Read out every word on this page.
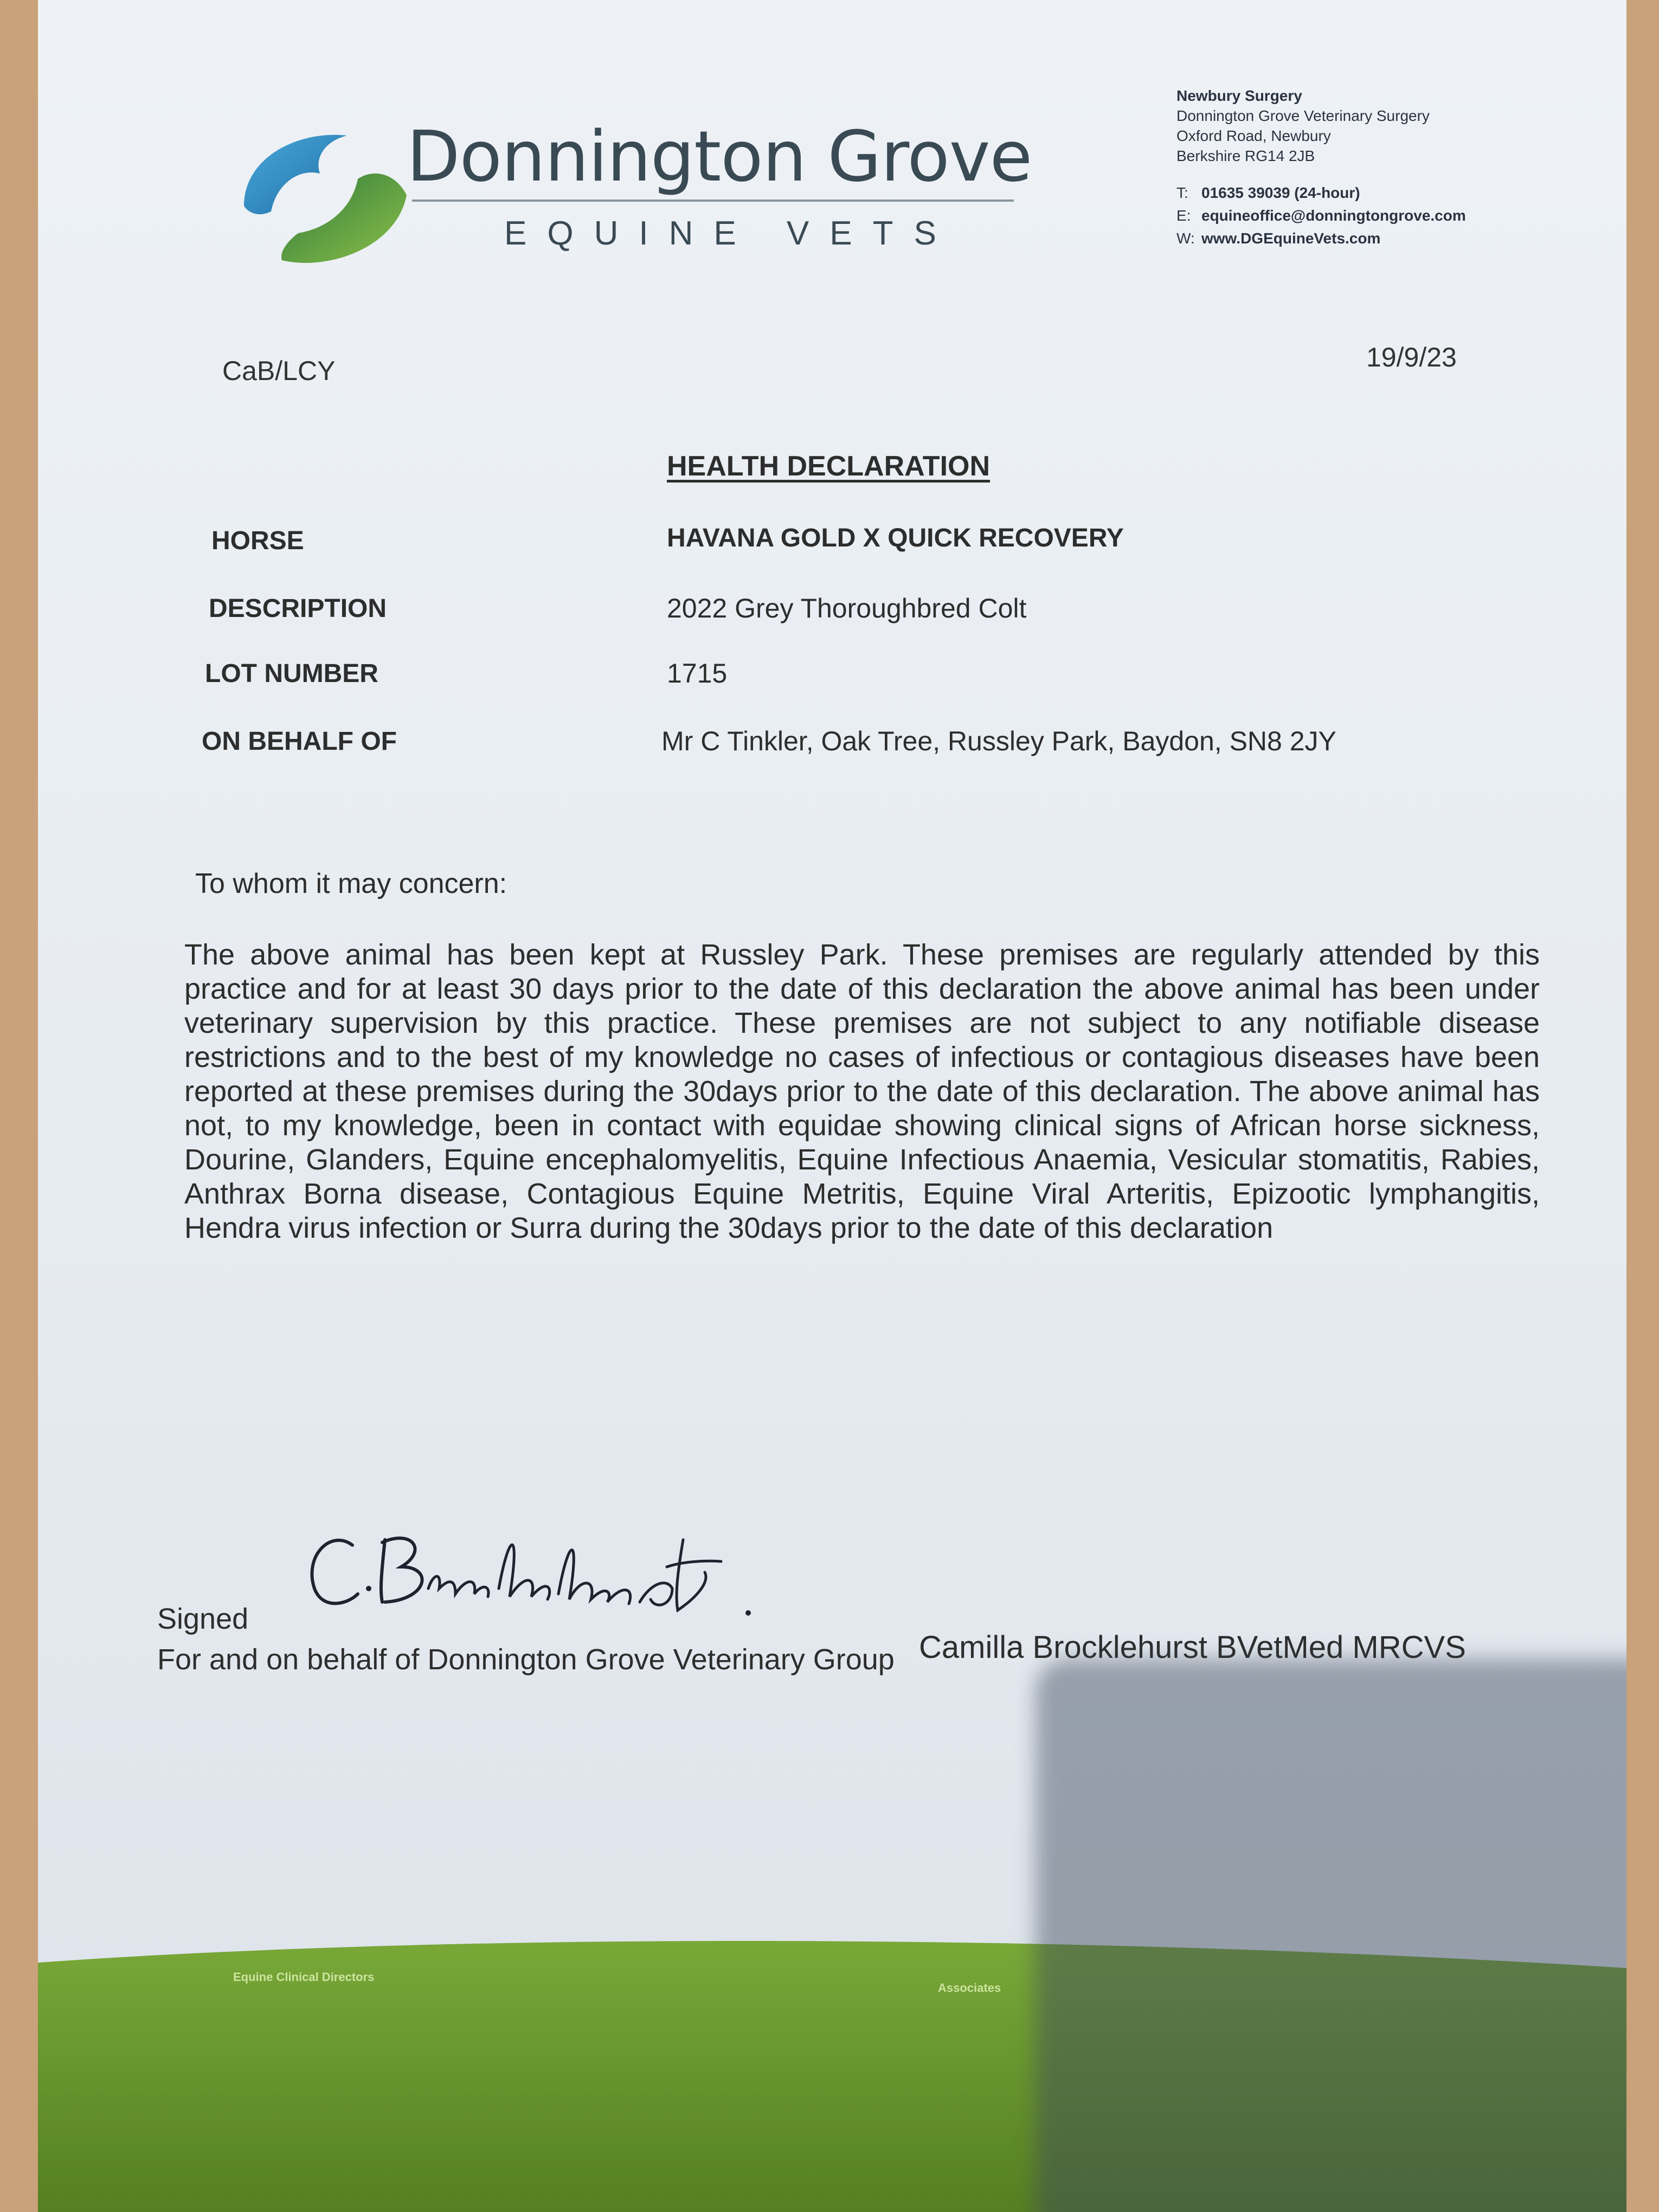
Donnington Grove
EQUINE VETS
Newbury Surgery
Donnington Grove Veterinary Surgery
Oxford Road, Newbury
Berkshire RG14 2JB
T: 01635 39039 (24-hour)
E: equineoffice@donningtongrove.com
W: www.DGEquineVets.com
CaB/LCY	19/9/23
HEALTH DECLARATION
HORSE	HAVANA GOLD X QUICK RECOVERY
DESCRIPTION	2022 Grey Thoroughbred Colt
LOT NUMBER	1715
ON BEHALF OF	Mr C Tinkler, Oak Tree, Russley Park, Baydon, SN8 2JY
To whom it may concern:
The above animal has been kept at Russley Park. These premises are regularly attended by this practice and for at least 30 days prior to the date of this declaration the above animal has been under veterinary supervision by this practice. These premises are not subject to any notifiable disease restrictions and to the best of my knowledge no cases of infectious or contagious diseases have been reported at these premises during the 30days prior to the date of this declaration. The above animal has not, to my knowledge, been in contact with equidae showing clinical signs of African horse sickness, Dourine, Glanders, Equine encephalomyelitis, Equine Infectious Anaemia, Vesicular stomatitis, Rabies, Anthrax Borna disease, Contagious Equine Metritis, Equine Viral Arteritis, Epizootic lymphangitis, Hendra virus infection or Surra during the 30days prior to the date of this declaration
Signed
For and on behalf of Donnington Grove Veterinary Group Camilla Brocklehurst BVetMed MRCVS
Equine Clinical Directors
Associates
